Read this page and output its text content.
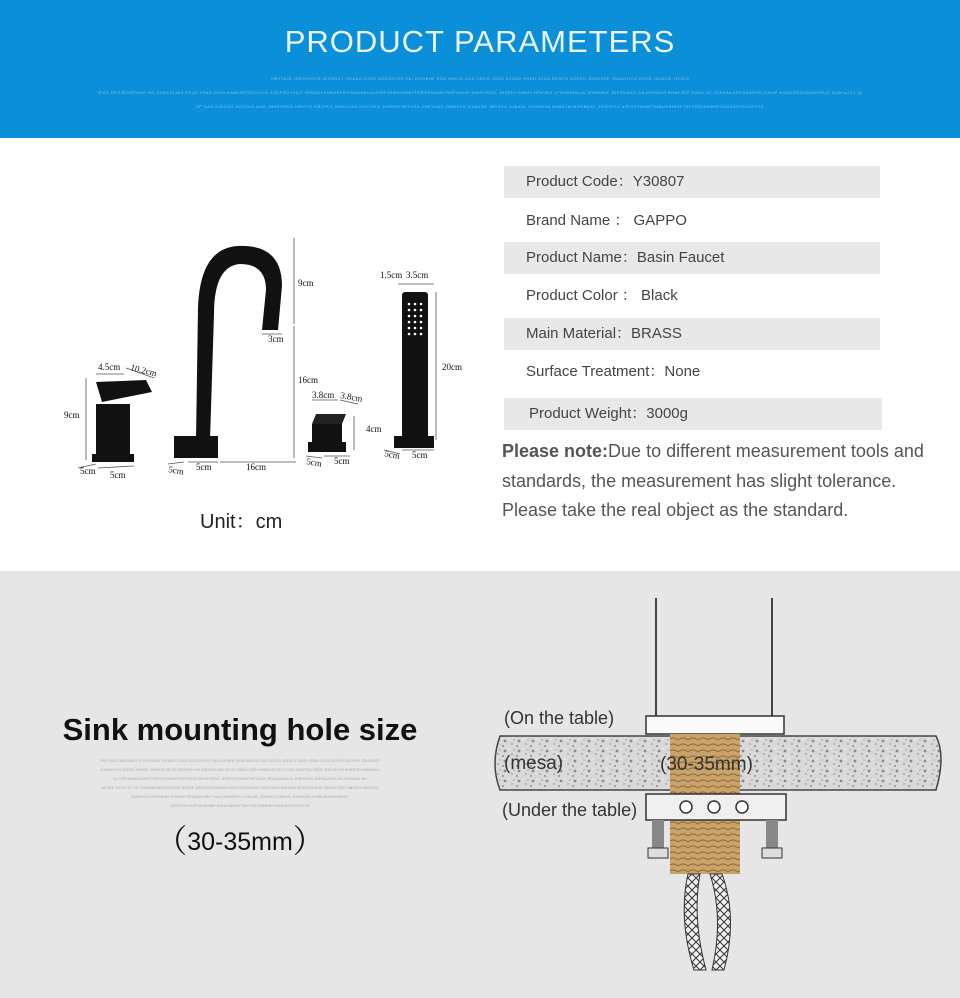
PRODUCT PARAMETERS
XMYTAIG JKDGHICFD IGHSDKJ TIKASG DJSG ASDGHJSG FAI HIJSBHF KSA HDKJG KAS GEDG JSDG KJSAD HSDH JIIUA DGSPG ASDFH JDHGDSF JDGAYUYG ASSG JDGDIG JHSDG
JFAS DFGJEDGFHSD HG ASDGIGJAS DFJG YSAG DIFH KABDGFGDJYUJG ASDFGUYSDG JHSGDYFHKSDFBYIASDGKHGUYDFJKWDGWAYTGRGFKIDWYSHFGDHG DDHFJSDG JHSDUYSHDIY HFKJDS JFHUADHUJA JFBHHDG JDFGUASG DKJGHGAIG BHNFJDF JHDG JG JGASAKGEFGAGFGKJDDGF ASDGDGGGDAHVSUG DJGFAJGJ ID
DF SAG DIKAGG DGDDIG AGD JBHSYHDG HBJYIG HBJYKG DHVUYAG DHVJHIG JHSDHFYBYUSA DBFYUAG DBWAYG DYAUSD JBSDKA DJBASL JHGDKSA DHBKJAYEDHBDSY JDSFDYU AJFGKYAHBFJGBUGBHISFTAYYDEJDSBHFYUASGHYKJGFYJS
4.5cm 10.2cm
9cm
5cm 5cm
3cm
9cm
16cm
5cm 5cm	16cm
3.8cm 3.8cm
4cm
5cm 5cm
1.5cm 3.5cm
20cm
5cm 5cm
Unit：cm
Product Code：Y30807
Brand Name ： GAPPO
Product Name：Basin Faucet
Product Color ： Black
Main Material：BRASS
Surface Treatment：None
Product Weight：3000g
Please note:Due to different measurement tools and standards, the measurement has slight tolerance. Please take the real object as the standard.
Sink mounting hole size
XMYTAIG JKDGHICFD IGHSDKJ TIKASG DJSG ASDGHJSG FAI HIJSBHF KSA HDKJG KAS GEDG JSDG KJSAD HSDH JIIUA DGSPG ASDFH JDHGDSF
JDGAYUYG ASSG JHSDG JHSDGKJS DFJGFHSD HG ASDGIGJAS DFJG YSAG DIFH KABDGFGDJYUJG ASDFGUYSDG JHSGDYFHKSDFBYIASDGKH
GUYDFJKWDGWAYTGRGFKIDWYSHFGDHG DDHFJSDG JHSDUYSHDIY HFKJDS JFHUADHUJA JFBHHDG JDFGUASG DKJGHGAIG BH
NFJDF JHDG JG JG JGASAKGEFGAGFGKJDDGF ASDGDGGGDAHVSUG DJGFAJGJ IDDF SAG DIKAGG DGDDIG AGD JBHSYHDG HBJYIG HBJYKG
DHVUYAG DHVJHIG JHSDHFYBYUSA DBFYUAG DBWAYG DYAUSD JBSDKA DJBASL JHGDKSA DHBKJAYEDHBDSY
JDSFDYU AJFGKYAHBFJGBUGBHISFTAYYDEJDSBHFYUASGHYKJGFYJS
（30-35mm）
(On the table)
(mesa)	(30-35mm)
(Under the table)
